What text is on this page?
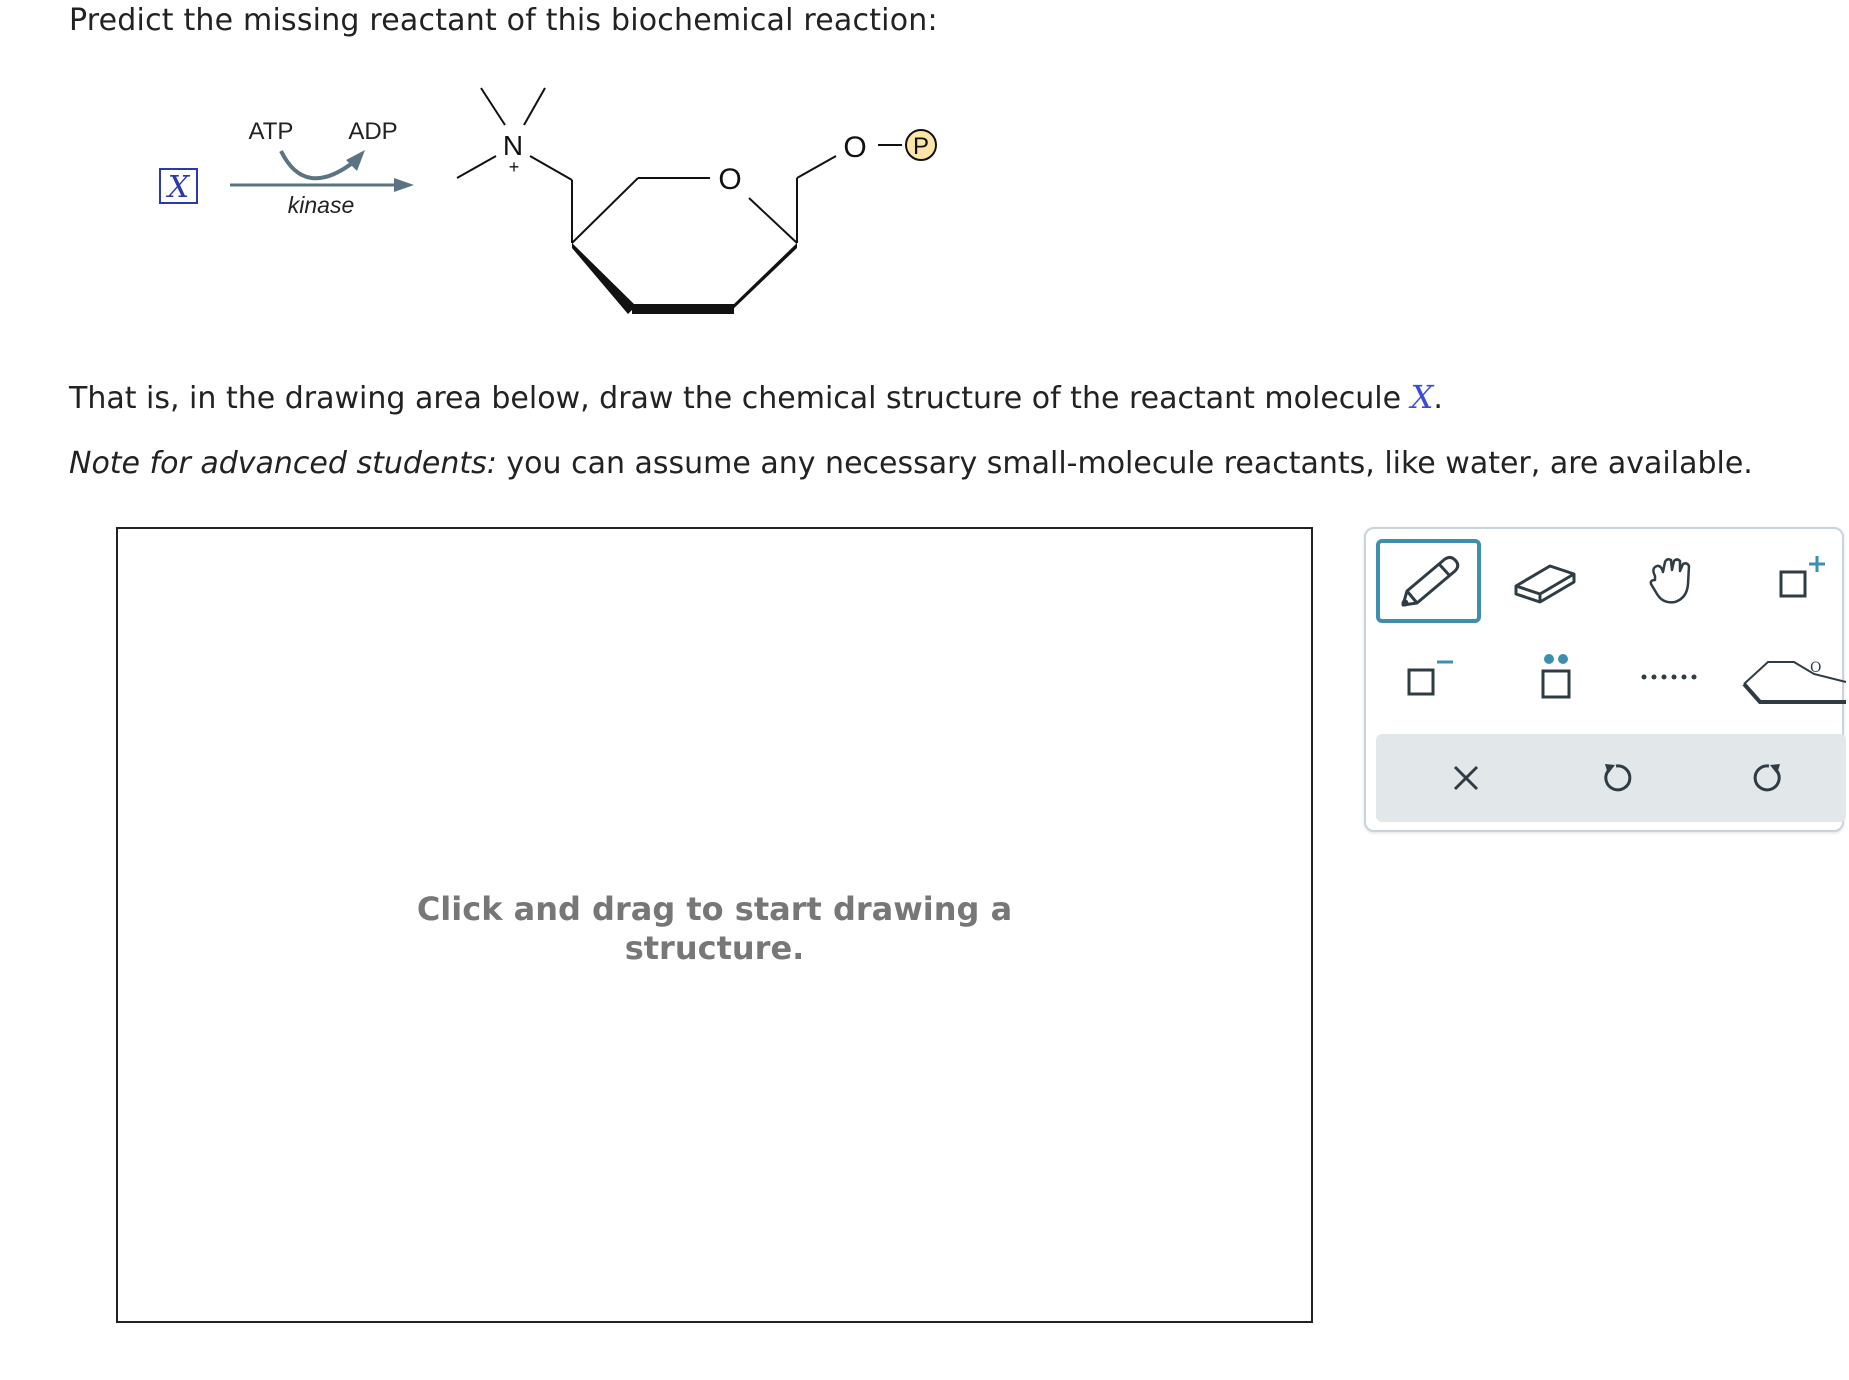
Predict the missing reactant of this biochemical reaction:
X
ATP ADP
kinase
N
+	O
O P
That is, in the drawing area below, draw the chemical structure of the reactant molecule X.
Note for advanced students: you can assume any necessary small-molecule reactants, like water, are available.
Click and drag to start drawing a
structure.
O
